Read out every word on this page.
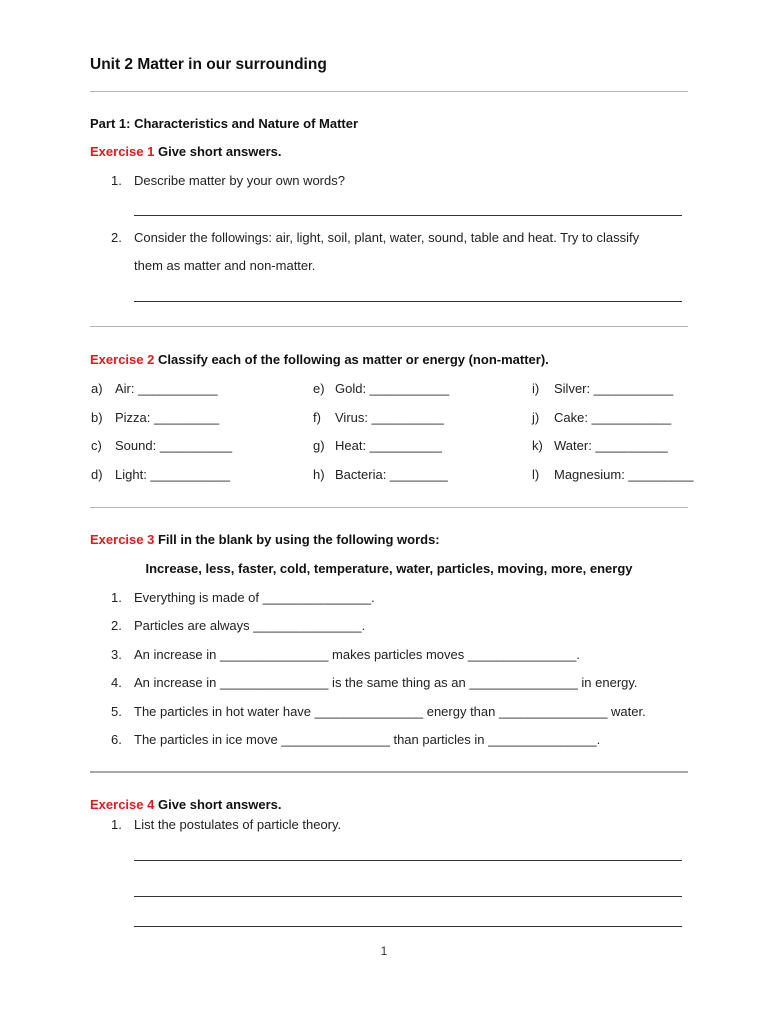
Unit 2 Matter in our surrounding
Part 1: Characteristics and Nature of Matter
Exercise 1 Give short answers.
1. Describe matter by your own words?
2. Consider the followings: air, light, soil, plant, water, sound, table and heat. Try to classify
them as matter and non-matter.
Exercise 2 Classify each of the following as matter or energy (non-matter).
a) Air: ___________
b) Pizza: _________
c) Sound: __________
d) Light: ___________
e) Gold: ___________
f) Virus: __________
g) Heat: __________
h) Bacteria: ________
i) Silver: ___________
j) Cake: ___________
k) Water: __________
l) Magnesium: _________
Exercise 3 Fill in the blank by using the following words:
Increase, less, faster, cold, temperature, water, particles, moving, more, energy
1. Everything is made of _______________.
2. Particles are always _______________.
3. An increase in _______________ makes particles moves _______________.
4. An increase in _______________ is the same thing as an _______________ in energy.
5. The particles in hot water have _______________ energy than _______________ water.
6. The particles in ice move _______________ than particles in _______________.
Exercise 4 Give short answers.
1. List the postulates of particle theory.
1
